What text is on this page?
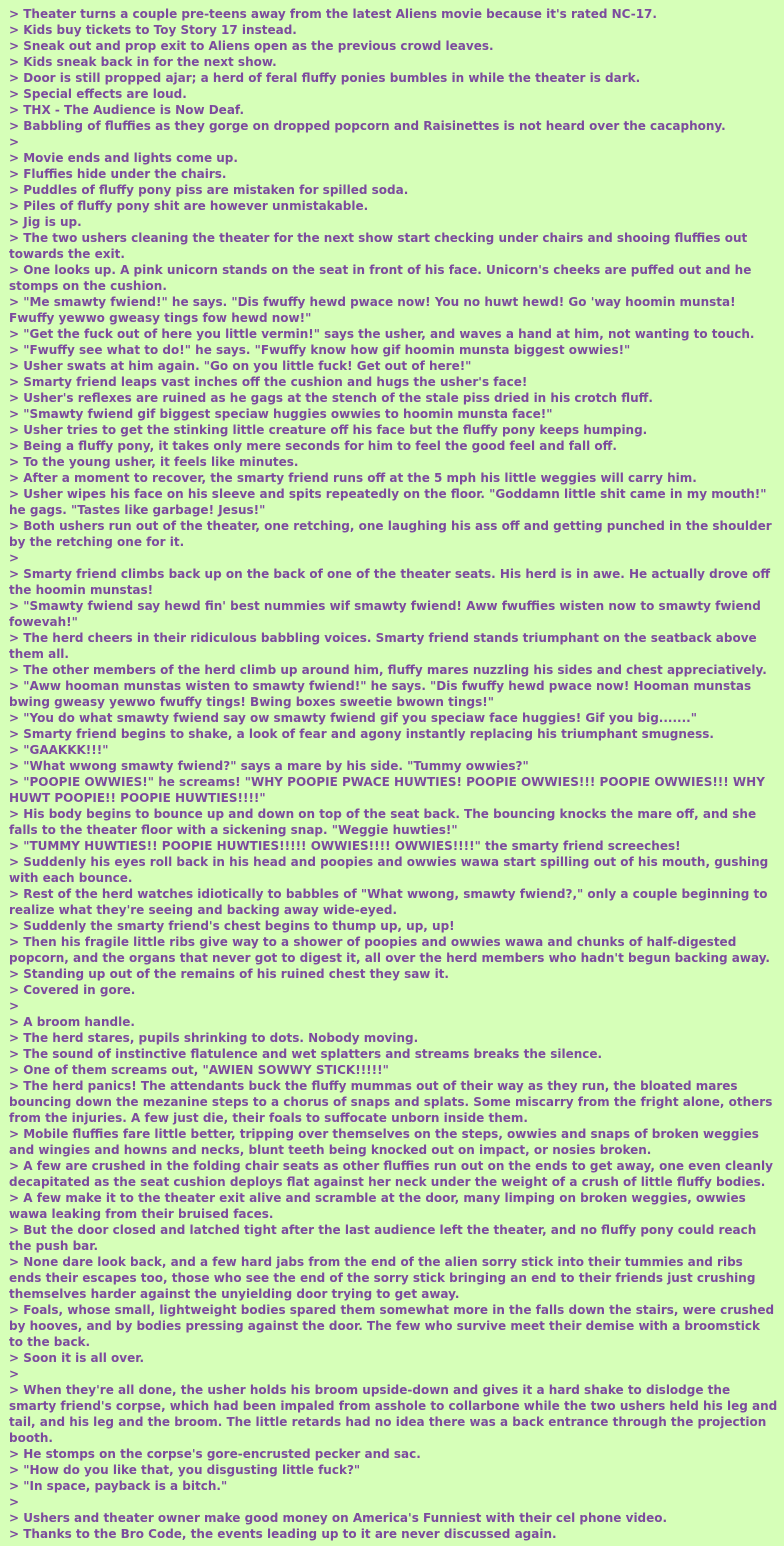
> Theater turns a couple pre-teens away from the latest Aliens movie because it's rated NC-17.
> Kids buy tickets to Toy Story 17 instead.
> Sneak out and prop exit to Aliens open as the previous crowd leaves.
> Kids sneak back in for the next show.
> Door is still propped ajar; a herd of feral fluffy ponies bumbles in while the theater is dark.
> Special effects are loud.
> THX - The Audience is Now Deaf.
> Babbling of fluffies as they gorge on dropped popcorn and Raisinettes is not heard over the cacaphony.
>
> Movie ends and lights come up.
> Fluffies hide under the chairs.
> Puddles of fluffy pony piss are mistaken for spilled soda.
> Piles of fluffy pony shit are however unmistakable.
> Jig is up.
> The two ushers cleaning the theater for the next show start checking under chairs and shooing fluffies out towards the exit.
> One looks up. A pink unicorn stands on the seat in front of his face. Unicorn's cheeks are puffed out and he stomps on the cushion.
> "Me smawty fwiend!" he says. "Dis fwuffy hewd pwace now! You no huwt hewd! Go 'way hoomin munsta! Fwuffy yewwo gweasy tings fow hewd now!"
> "Get the fuck out of here you little vermin!" says the usher, and waves a hand at him, not wanting to touch.
> "Fwuffy see what to do!" he says. "Fwuffy know how gif hoomin munsta biggest owwies!"
> Usher swats at him again. "Go on you little fuck! Get out of here!"
> Smarty friend leaps vast inches off the cushion and hugs the usher's face!
> Usher's reflexes are ruined as he gags at the stench of the stale piss dried in his crotch fluff.
> "Smawty fwiend gif biggest speciaw huggies owwies to hoomin munsta face!"
> Usher tries to get the stinking little creature off his face but the fluffy pony keeps humping.
> Being a fluffy pony, it takes only mere seconds for him to feel the good feel and fall off.
> To the young usher, it feels like minutes.
> After a moment to recover, the smarty friend runs off at the 5 mph his little weggies will carry him.
> Usher wipes his face on his sleeve and spits repeatedly on the floor. "Goddamn little shit came in my mouth!" he gags. "Tastes like garbage! Jesus!"
> Both ushers run out of the theater, one retching, one laughing his ass off and getting punched in the shoulder by the retching one for it.
>
> Smarty friend climbs back up on the back of one of the theater seats. His herd is in awe. He actually drove off the hoomin munstas!
> "Smawty fwiend say hewd fin' best nummies wif smawty fwiend! Aww fwuffies wisten now to smawty fwiend fowevah!"
> The herd cheers in their ridiculous babbling voices. Smarty friend stands triumphant on the seatback above them all.
> The other members of the herd climb up around him, fluffy mares nuzzling his sides and chest appreciatively.
> "Aww hooman munstas wisten to smawty fwiend!" he says. "Dis fwuffy hewd pwace now! Hooman munstas bwing gweasy yewwo fwuffy tings! Bwing boxes sweetie bwown tings!"
> "You do what smawty fwiend say ow smawty fwiend gif you speciaw face huggies! Gif you big......."
> Smarty friend begins to shake, a look of fear and agony instantly replacing his triumphant smugness.
> "GAAKKK!!!"
> "What wwong smawty fwiend?" says a mare by his side. "Tummy owwies?"
> "POOPIE OWWIES!" he screams! "WHY POOPIE PWACE HUWTIES! POOPIE OWWIES!!! POOPIE OWWIES!!! WHY HUWT POOPIE!! POOPIE HUWTIES!!!!"
> His body begins to bounce up and down on top of the seat back. The bouncing knocks the mare off, and she falls to the theater floor with a sickening snap. "Weggie huwties!"
> "TUMMY HUWTIES!! POOPIE HUWTIES!!!!! OWWIES!!!! OWWIES!!!!" the smarty friend screeches!
> Suddenly his eyes roll back in his head and poopies and owwies wawa start spilling out of his mouth, gushing with each bounce.
> Rest of the herd watches idiotically to babbles of "What wwong, smawty fwiend?," only a couple beginning to realize what they're seeing and backing away wide-eyed.
> Suddenly the smarty friend's chest begins to thump up, up, up!
> Then his fragile little ribs give way to a shower of poopies and owwies wawa and chunks of half-digested popcorn, and the organs that never got to digest it, all over the herd members who hadn't begun backing away.
> Standing up out of the remains of his ruined chest they saw it.
> Covered in gore.
>
> A broom handle.
> The herd stares, pupils shrinking to dots. Nobody moving.
> The sound of instinctive flatulence and wet splatters and streams breaks the silence.
> One of them screams out, "AWIEN SOWWY STICK!!!!!"
> The herd panics! The attendants buck the fluffy mummas out of their way as they run, the bloated mares bouncing down the mezanine steps to a chorus of snaps and splats. Some miscarry from the fright alone, others from the injuries. A few just die, their foals to suffocate unborn inside them.
> Mobile fluffies fare little better, tripping over themselves on the steps, owwies and snaps of broken weggies and wingies and howns and necks, blunt teeth being knocked out on impact, or nosies broken.
> A few are crushed in the folding chair seats as other fluffies run out on the ends to get away, one even cleanly decapitated as the seat cushion deploys flat against her neck under the weight of a crush of little fluffy bodies.
> A few make it to the theater exit alive and scramble at the door, many limping on broken weggies, owwies wawa leaking from their bruised faces.
> But the door closed and latched tight after the last audience left the theater, and no fluffy pony could reach the push bar.
> None dare look back, and a few hard jabs from the end of the alien sorry stick into their tummies and ribs ends their escapes too, those who see the end of the sorry stick bringing an end to their friends just crushing themselves harder against the unyielding door trying to get away.
> Foals, whose small, lightweight bodies spared them somewhat more in the falls down the stairs, were crushed by hooves, and by bodies pressing against the door. The few who survive meet their demise with a broomstick to the back.
> Soon it is all over.
>
> When they're all done, the usher holds his broom upside-down and gives it a hard shake to dislodge the smarty friend's corpse, which had been impaled from asshole to collarbone while the two ushers held his leg and tail, and his leg and the broom. The little retards had no idea there was a back entrance through the projection booth.
> He stomps on the corpse's gore-encrusted pecker and sac.
> "How do you like that, you disgusting little fuck?"
> "In space, payback is a bitch."
>
> Ushers and theater owner make good money on America's Funniest with their cel phone video.
> Thanks to the Bro Code, the events leading up to it are never discussed again.
